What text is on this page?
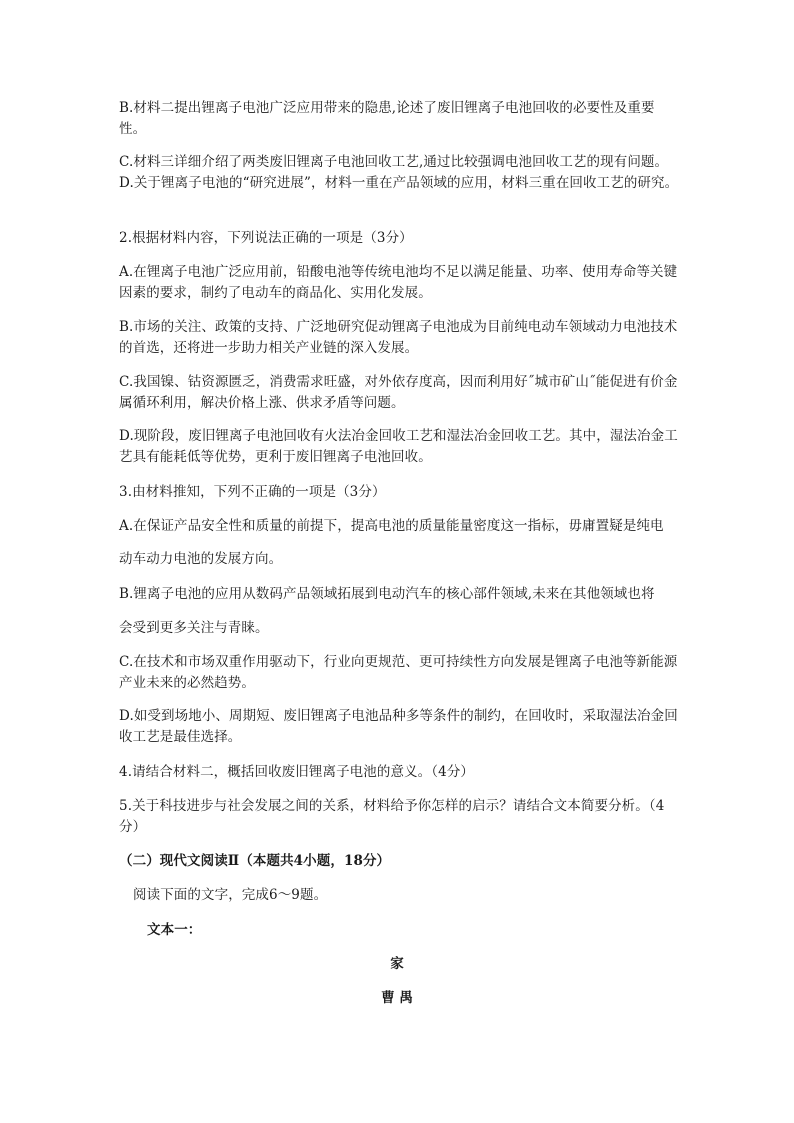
B.材料二提出锂离子电池广泛应用带来的隐患,论述了废旧锂离子电池回收的必要性及重要性。

C.材料三详细介绍了两类废旧锂离子电池回收工艺,通过比较强调电池回收工艺的现有问题。

D.关于锂离子电池的“研究进展”，材料一重在产品领域的应用，材料三重在回收工艺的研究。

2.根据材料内容，下列说法正确的一项是（3分）

A.在锂离子电池广泛应用前，铅酸电池等传统电池均不足以满足能量、功率、使用寿命等关键因素的要求，制约了电动车的商品化、实用化发展。

B.市场的关注、政策的支持、广泛地研究促动锂离子电池成为目前纯电动车领域动力电池技术的首选，还将进一步助力相关产业链的深入发展。

C.我国镍、钴资源匮乏，消费需求旺盛，对外依存度高，因而利用好˝城市矿山˝能促进有价金属循环利用，解决价格上涨、供求矛盾等问题。

D.现阶段，废旧锂离子电池回收有火法冶金回收工艺和湿法冶金回收工艺。其中，湿法冶金工艺具有能耗低等优势，更利于废旧锂离子电池回收。

3.由材料推知，下列不正确的一项是（3分）

A.在保证产品安全性和质量的前提下，提高电池的质量能量密度这一指标，毋庸置疑是纯电

动车动力电池的发展方向。

B.锂离子电池的应用从数码产品领域拓展到电动汽车的核心部件领域,未来在其他领域也将

会受到更多关注与青睐。

C.在技术和市场双重作用驱动下，行业向更规范、更可持续性方向发展是锂离子电池等新能源产业未来的必然趋势。

D.如受到场地小、周期短、废旧锂离子电池品种多等条件的制约，在回收时，采取湿法冶金回收工艺是最佳选择。

4.请结合材料二，概括回收废旧锂离子电池的意义。（4分）

5.关于科技进步与社会发展之间的关系，材料给予你怎样的启示？请结合文本简要分析。（4分）

（二）现代文阅读Ⅱ（本题共4小题，18分）

阅读下面的文字，完成6～9题。

文本一：

家

曹 禺
